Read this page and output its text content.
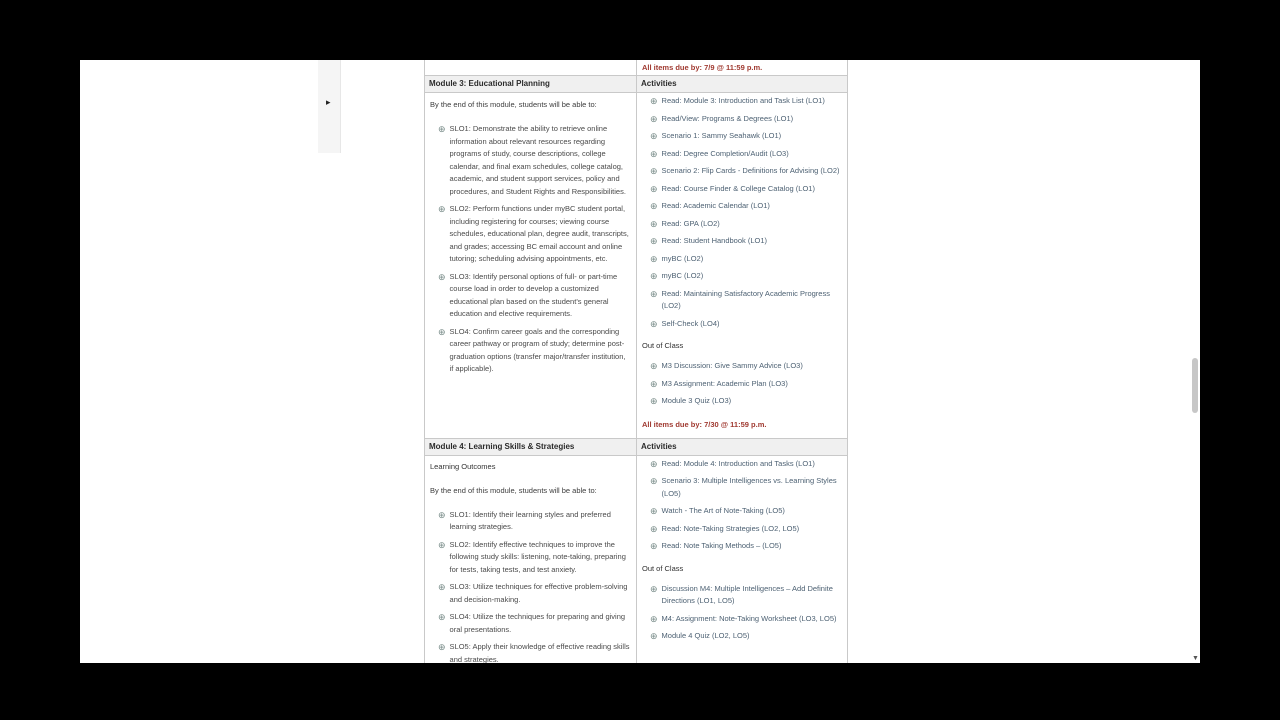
▸
All items due by: 7/9 @ 11:59 p.m.
Module 3: Educational Planning	Activities
By the end of this module, students will be able to:
⊕ SLO1: Demonstrate the ability to retrieve online information about relevant resources regarding programs of study, course descriptions, college calendar, and final exam schedules, college catalog, academic, and student support services, policy and procedures, and Student Rights and Responsibilities.
⊕ SLO2: Perform functions under myBC student portal, including registering for courses; viewing course schedules, educational plan, degree audit, transcripts, and grades; accessing BC email account and online tutoring; scheduling advising appointments, etc.
⊕ SLO3: Identify personal options of full- or part-time course load in order to develop a customized educational plan based on the student's general education and elective requirements.
⊕ SLO4: Confirm career goals and the corresponding career pathway or program of study; determine post-graduation options (transfer major/transfer institution, if applicable).
⊕ Read: Module 3: Introduction and Task List (LO1)
⊕ Read/View: Programs & Degrees (LO1)
⊕ Scenario 1: Sammy Seahawk (LO1)
⊕ Read: Degree Completion/Audit (LO3)
⊕ Scenario 2: Flip Cards - Definitions for Advising (LO2)
⊕ Read: Course Finder & College Catalog (LO1)
⊕ Read: Academic Calendar (LO1)
⊕ Read: GPA (LO2)
⊕ Read: Student Handbook (LO1)
⊕ myBC (LO2)
⊕ myBC (LO2)
⊕ Read: Maintaining Satisfactory Academic Progress (LO2)
⊕ Self-Check (LO4)
Out of Class
⊕ M3 Discussion: Give Sammy Advice (LO3)
⊕ M3 Assignment: Academic Plan (LO3)
⊕ Module 3 Quiz (LO3)
All items due by: 7/30 @ 11:59 p.m.
Module 4: Learning Skills & Strategies	Activities
Learning Outcomes
By the end of this module, students will be able to:
⊕ SLO1: Identify their learning styles and preferred learning strategies.
⊕ SLO2: Identify effective techniques to improve the following study skills: listening, note-taking, preparing for tests, taking tests, and test anxiety.
⊕ SLO3: Utilize techniques for effective problem-solving and decision-making.
⊕ SLO4: Utilize the techniques for preparing and giving oral presentations.
⊕ SLO5: Apply their knowledge of effective reading skills and strategies.
⊕ Read: Module 4: Introduction and Tasks (LO1)
⊕ Scenario 3: Multiple Intelligences vs. Learning Styles (LO5)
⊕ Watch - The Art of Note-Taking (LO5)
⊕ Read: Note-Taking Strategies (LO2, LO5)
⊕ Read: Note Taking Methods – (LO5)
Out of Class
⊕ Discussion M4: Multiple Intelligences – Add Definite Directions (LO1, LO5)
⊕ M4: Assignment: Note-Taking Worksheet (LO3, LO5)
⊕ Module 4 Quiz (LO2, LO5)
▼
